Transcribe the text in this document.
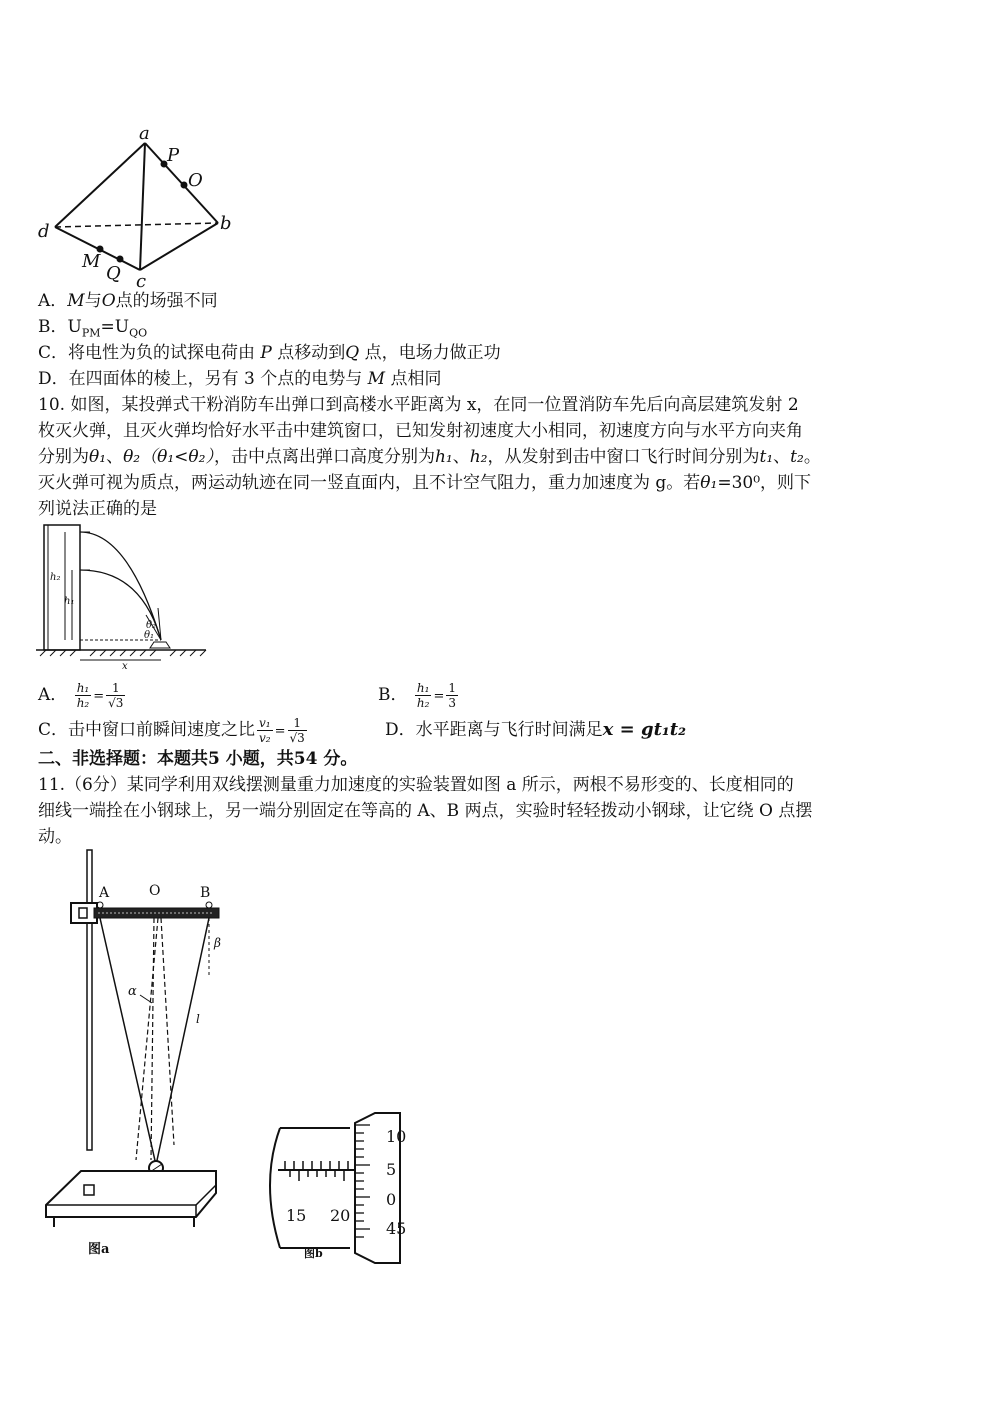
a
P
O
b
d
M
Q c
A．M与O点的场强不同
B．$U_{PM}=U_{QO}$
C．将电性为负的试探电荷由 P 点移动到Q 点，电场力做正功
D．在四面体的棱上，另有 3 个点的电势与 M 点相同
10. 如图，某投弹式干粉消防车出弹口到高楼水平距离为 x，在同一位置消防车先后向高层建筑发射 2
枚灭火弹，且灭火弹均恰好水平击中建筑窗口，已知发射初速度大小相同，初速度方向与水平方向夹角
分别为θ₁、θ₂（θ₁<θ₂），击中点离出弹口高度分别为h₁、h₂，从发射到击中窗口飞行时间分别为t₁、t₂。
灭火弹可视为质点，两运动轨迹在同一竖直面内，且不计空气阻力，重力加速度为 g。若θ₁=30⁰，则下
列说法正确的是
h₂
h₁
θ₂
θ₁
x
A． $\frac{\text{h₁}}{\text{h₂}} = \frac{1}{√3}$	B． $\frac{\text{h₁}}{\text{h₂}} = \frac{1}{3}$
C．击中窗口前瞬间速度之比 $\frac{\text{v₁}}{\text{v₂}} = \frac{1}{√3}$	D．水平距离与飞行时间满足x = gt₁t₂
二、非选择题：本题共5 小题，共54 分。
11.（6分）某同学利用双线摆测量重力加速度的实验装置如图 a 所示，两根不易形变的、长度相同的
细线一端拴在小钢球上，另一端分别固定在等高的 A、B 两点，实验时轻轻拨动小钢球，让它绕 O 点摆
动。
A	O	B
β
α
l
图a
15 20
10
5
0
45
图b
